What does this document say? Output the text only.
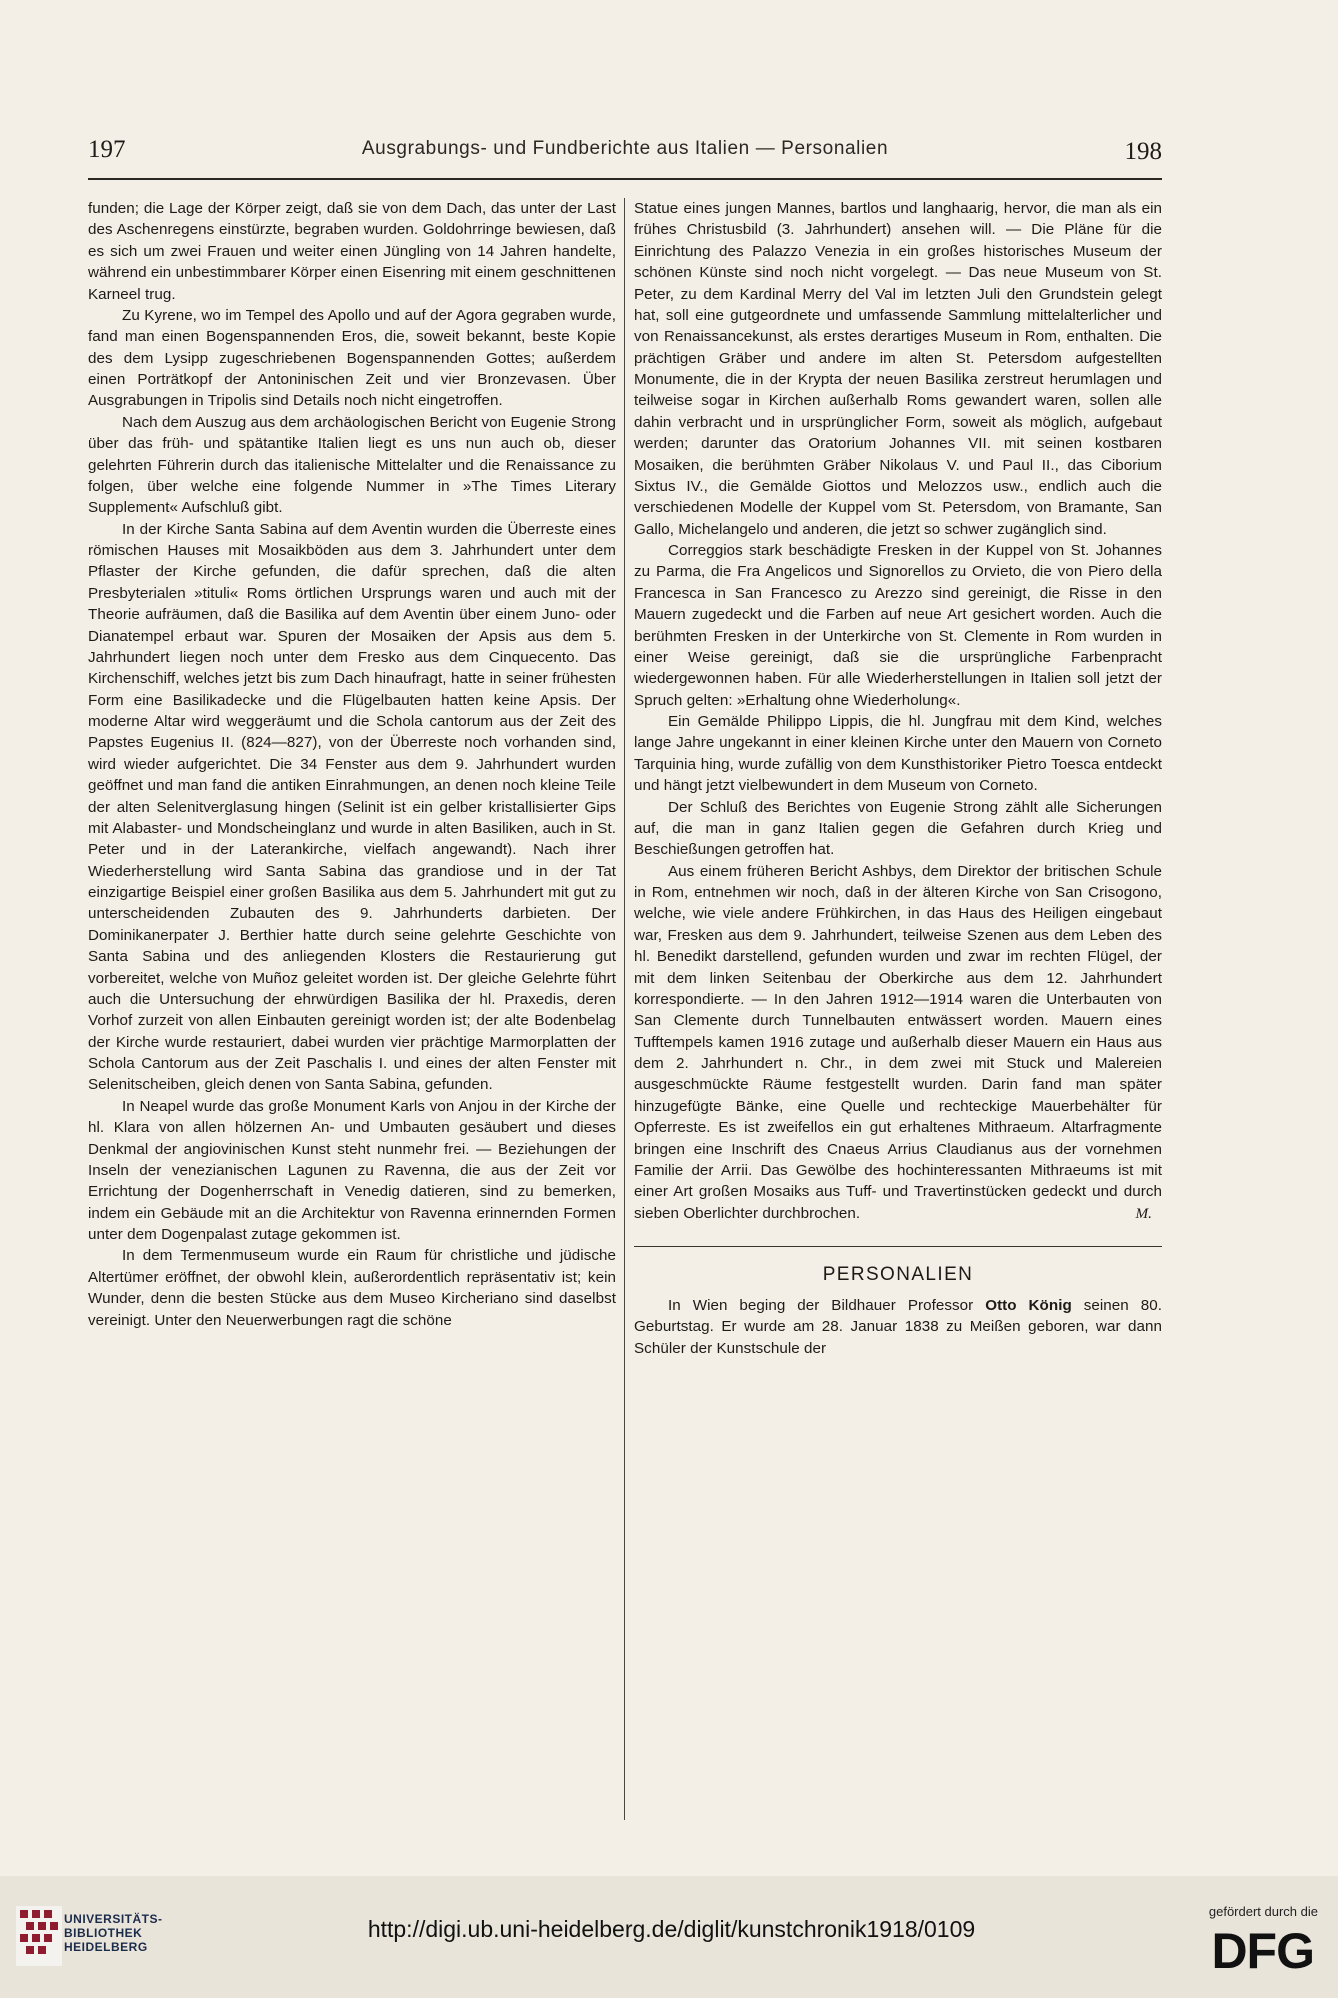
197	Ausgrabungs- und Fundberichte aus Italien — Personalien	198

funden; die Lage der Körper zeigt, daß sie von dem Dach, das unter der Last des Aschenregens einstürzte, begraben wurden. Goldohrringe bewiesen, daß es sich um zwei Frauen und weiter einen Jüngling von 14 Jahren handelte, während ein unbestimmbarer Körper einen Eisenring mit einem geschnittenen Karneel trug.

Zu Kyrene, wo im Tempel des Apollo und auf der Agora gegraben wurde, fand man einen Bogenspannenden Eros, die, soweit bekannt, beste Kopie des dem Lysipp zugeschriebenen Bogenspannenden Gottes; außerdem einen Porträtkopf der Antoninischen Zeit und vier Bronzevasen. Über Ausgrabungen in Tripolis sind Details noch nicht eingetroffen.

Nach dem Auszug aus dem archäologischen Bericht von Eugenie Strong über das früh- und spätantike Italien liegt es uns nun auch ob, dieser gelehrten Führerin durch das italienische Mittelalter und die Renaissance zu folgen, über welche eine folgende Nummer in »The Times Literary Supplement« Aufschluß gibt.

In der Kirche Santa Sabina auf dem Aventin wurden die Überreste eines römischen Hauses mit Mosaikböden aus dem 3. Jahrhundert unter dem Pflaster der Kirche gefunden, die dafür sprechen, daß die alten Presbyterialen »tituli« Roms örtlichen Ursprungs waren und auch mit der Theorie aufräumen, daß die Basilika auf dem Aventin über einem Juno- oder Dianatempel erbaut war. Spuren der Mosaiken der Apsis aus dem 5. Jahrhundert liegen noch unter dem Fresko aus dem Cinquecento. Das Kirchenschiff, welches jetzt bis zum Dach hinaufragt, hatte in seiner frühesten Form eine Basilikadecke und die Flügelbauten hatten keine Apsis. Der moderne Altar wird weggeräumt und die Schola cantorum aus der Zeit des Papstes Eugenius II. (824—827), von der Überreste noch vorhanden sind, wird wieder aufgerichtet. Die 34 Fenster aus dem 9. Jahrhundert wurden geöffnet und man fand die antiken Einrahmungen, an denen noch kleine Teile der alten Selenitverglasung hingen (Selinit ist ein gelber kristallisierter Gips mit Alabaster- und Mondscheinglanz und wurde in alten Basiliken, auch in St. Peter und in der Laterankirche, vielfach angewandt). Nach ihrer Wiederherstellung wird Santa Sabina das grandiose und in der Tat einzigartige Beispiel einer großen Basilika aus dem 5. Jahrhundert mit gut zu unterscheidenden Zubauten des 9. Jahrhunderts darbieten. Der Dominikanerpater J. Berthier hatte durch seine gelehrte Geschichte von Santa Sabina und des anliegenden Klosters die Restaurierung gut vorbereitet, welche von Muñoz geleitet worden ist. Der gleiche Gelehrte führt auch die Untersuchung der ehrwürdigen Basilika der hl. Praxedis, deren Vorhof zurzeit von allen Einbauten gereinigt worden ist; der alte Bodenbelag der Kirche wurde restauriert, dabei wurden vier prächtige Marmorplatten der Schola Cantorum aus der Zeit Paschalis I. und eines der alten Fenster mit Selenitscheiben, gleich denen von Santa Sabina, gefunden.

In Neapel wurde das große Monument Karls von Anjou in der Kirche der hl. Klara von allen hölzernen An- und Umbauten gesäubert und dieses Denkmal der angiovinischen Kunst steht nunmehr frei. — Beziehungen der Inseln der venezianischen Lagunen zu Ravenna, die aus der Zeit vor Errichtung der Dogenherrschaft in Venedig datieren, sind zu bemerken, indem ein Gebäude mit an die Architektur von Ravenna erinnernden Formen unter dem Dogenpalast zutage gekommen ist.

In dem Termenmuseum wurde ein Raum für christliche und jüdische Altertümer eröffnet, der obwohl klein, außerordentlich repräsentativ ist; kein Wunder, denn die besten Stücke aus dem Museo Kircheriano sind daselbst vereinigt. Unter den Neuerwerbungen ragt die schöne

Statue eines jungen Mannes, bartlos und langhaarig, hervor, die man als ein frühes Christusbild (3. Jahrhundert) ansehen will. — Die Pläne für die Einrichtung des Palazzo Venezia in ein großes historisches Museum der schönen Künste sind noch nicht vorgelegt. — Das neue Museum von St. Peter, zu dem Kardinal Merry del Val im letzten Juli den Grundstein gelegt hat, soll eine gutgeordnete und umfassende Sammlung mittelalterlicher und von Renaissancekunst, als erstes derartiges Museum in Rom, enthalten. Die prächtigen Gräber und andere im alten St. Petersdom aufgestellten Monumente, die in der Krypta der neuen Basilika zerstreut herumlagen und teilweise sogar in Kirchen außerhalb Roms gewandert waren, sollen alle dahin verbracht und in ursprünglicher Form, soweit als möglich, aufgebaut werden; darunter das Oratorium Johannes VII. mit seinen kostbaren Mosaiken, die berühmten Gräber Nikolaus V. und Paul II., das Ciborium Sixtus IV., die Gemälde Giottos und Melozzos usw., endlich auch die verschiedenen Modelle der Kuppel vom St. Petersdom, von Bramante, San Gallo, Michelangelo und anderen, die jetzt so schwer zugänglich sind.

Correggios stark beschädigte Fresken in der Kuppel von St. Johannes zu Parma, die Fra Angelicos und Signorellos zu Orvieto, die von Piero della Francesca in San Francesco zu Arezzo sind gereinigt, die Risse in den Mauern zugedeckt und die Farben auf neue Art gesichert worden. Auch die berühmten Fresken in der Unterkirche von St. Clemente in Rom wurden in einer Weise gereinigt, daß sie die ursprüngliche Farbenpracht wiedergewonnen haben. Für alle Wiederherstellungen in Italien soll jetzt der Spruch gelten: »Erhaltung ohne Wiederholung«.

Ein Gemälde Philippo Lippis, die hl. Jungfrau mit dem Kind, welches lange Jahre ungekannt in einer kleinen Kirche unter den Mauern von Corneto Tarquinia hing, wurde zufällig von dem Kunsthistoriker Pietro Toesca entdeckt und hängt jetzt vielbewundert in dem Museum von Corneto.

Der Schluß des Berichtes von Eugenie Strong zählt alle Sicherungen auf, die man in ganz Italien gegen die Gefahren durch Krieg und Beschießungen getroffen hat.

Aus einem früheren Bericht Ashbys, dem Direktor der britischen Schule in Rom, entnehmen wir noch, daß in der älteren Kirche von San Crisogono, welche, wie viele andere Frühkirchen, in das Haus des Heiligen eingebaut war, Fresken aus dem 9. Jahrhundert, teilweise Szenen aus dem Leben des hl. Benedikt darstellend, gefunden wurden und zwar im rechten Flügel, der mit dem linken Seitenbau der Oberkirche aus dem 12. Jahrhundert korrespondierte. — In den Jahren 1912—1914 waren die Unterbauten von San Clemente durch Tunnelbauten entwässert worden. Mauern eines Tufftempels kamen 1916 zutage und außerhalb dieser Mauern ein Haus aus dem 2. Jahrhundert n. Chr., in dem zwei mit Stuck und Malereien ausgeschmückte Räume festgestellt wurden. Darin fand man später hinzugefügte Bänke, eine Quelle und rechteckige Mauerbehälter für Opferreste. Es ist zweifellos ein gut erhaltenes Mithraeum. Altarfragmente bringen eine Inschrift des Cnaeus Arrius Claudianus aus der vornehmen Familie der Arrii. Das Gewölbe des hochinteressanten Mithraeums ist mit einer Art großen Mosaiks aus Tuff- und Travertinstücken gedeckt und durch sieben Oberlichter durchbrochen.	M.

PERSONALIEN

In Wien beging der Bildhauer Professor Otto König seinen 80. Geburtstag. Er wurde am 28. Januar 1838 zu Meißen geboren, war dann Schüler der Kunstschule der

UNIVERSITÄTS-
BIBLIOTHEK
HEIDELBERG
http://digi.ub.uni-heidelberg.de/diglit/kunstchronik1918/0109
gefördert durch die
DFG
